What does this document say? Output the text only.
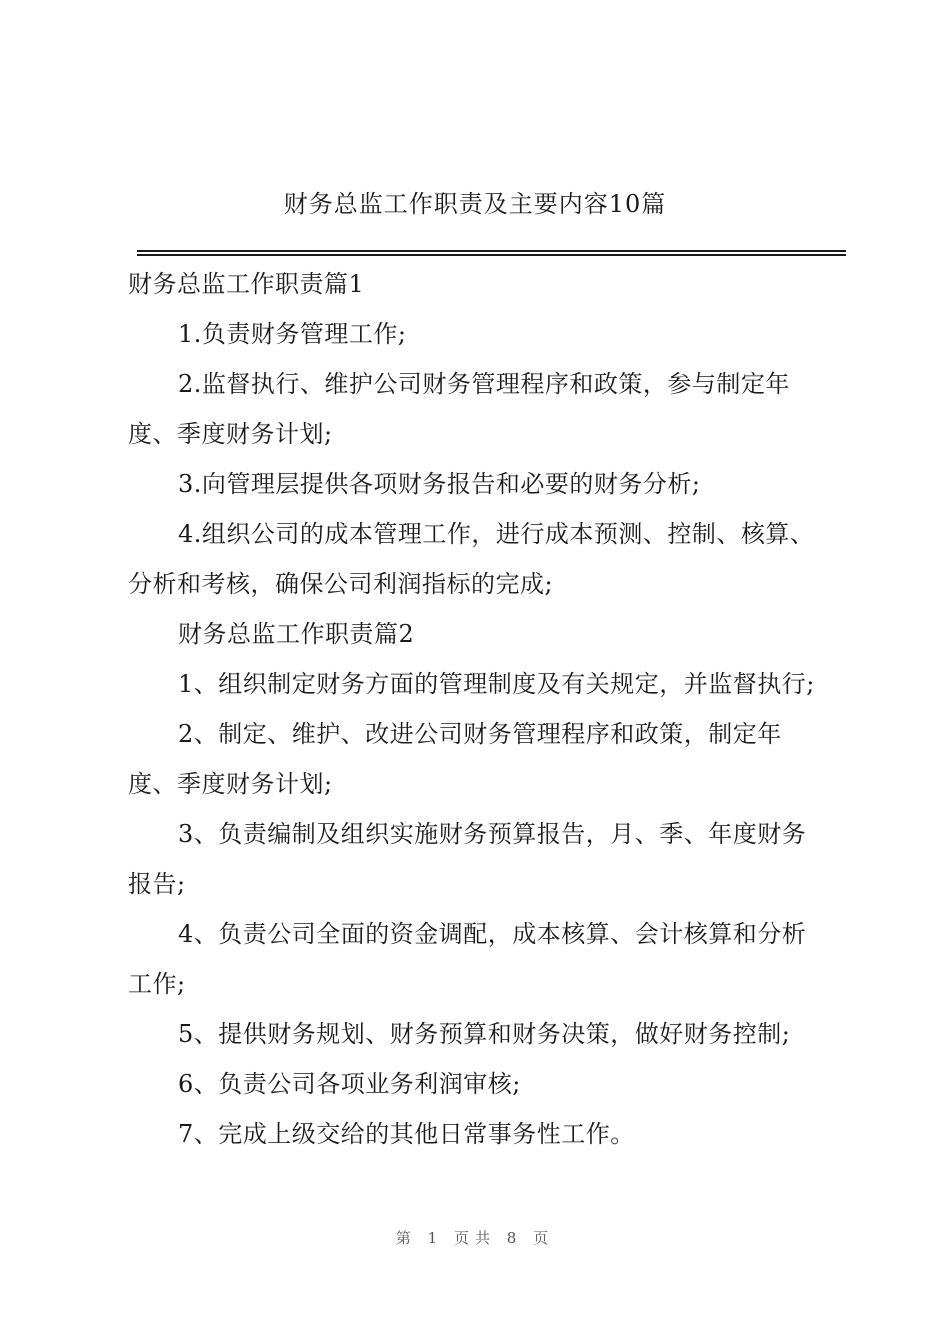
财务总监工作职责及主要内容10篇
财务总监工作职责篇1
1.负责财务管理工作;
2.监督执行、维护公司财务管理程序和政策，参与制定年
度、季度财务计划;
3.向管理层提供各项财务报告和必要的财务分析;
4.组织公司的成本管理工作，进行成本预测、控制、核算、
分析和考核，确保公司利润指标的完成;
财务总监工作职责篇2
1、组织制定财务方面的管理制度及有关规定，并监督执行;
2、制定、维护、改进公司财务管理程序和政策，制定年
度、季度财务计划;
3、负责编制及组织实施财务预算报告，月、季、年度财务
报告;
4、负责公司全面的资金调配，成本核算、会计核算和分析
工作;
5、提供财务规划、财务预算和财务决策，做好财务控制;
6、负责公司各项业务利润审核;
7、完成上级交给的其他日常事务性工作。
第 1 页共 8 页
